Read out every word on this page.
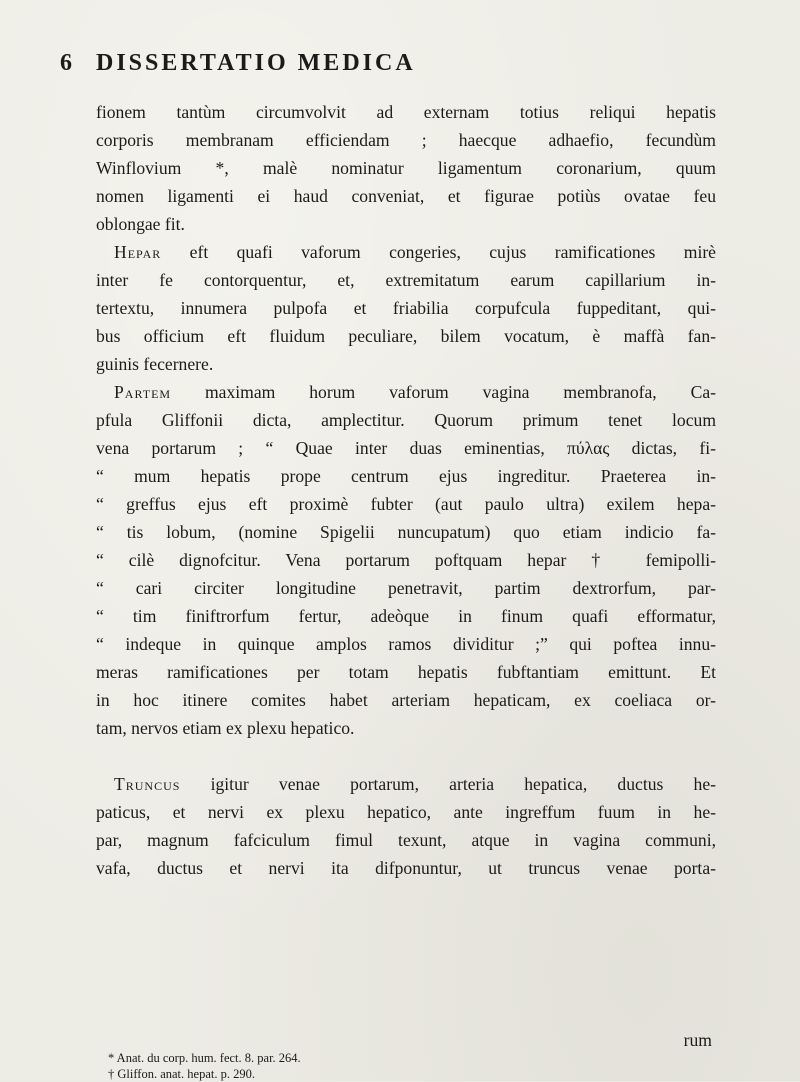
6 DISSERTATIO MEDICA
fionem tantùm circumvolvit ad externam totius reliqui hepatis
corporis membranam efficiendam ; haecque adhaefio, fecundùm
Winflovium *, malè nominatur ligamentum coronarium, quum
nomen ligamenti ei haud conveniat, et figurae potiùs ovatae feu
oblongae fit.
Hepar eft quafi vaforum congeries, cujus ramificationes mirè
inter fe contorquentur, et, extremitatum earum capillarium in-
tertextu, innumera pulpofa et friabilia corpufcula fuppeditant, qui-
bus officium eft fluidum peculiare, bilem vocatum, è maffà fan-
guinis fecernere.
Partem maximam horum vaforum vagina membranofa, Ca-
pfula Gliffonii dicta, amplectitur. Quorum primum tenet locum
vena portarum ; “ Quae inter duas eminentias, πύλας dictas, fi-
“ mum hepatis prope centrum ejus ingreditur. Praeterea in-
“ greffus ejus eft proximè fubter (aut paulo ultra) exilem hepa-
“ tis lobum, (nomine Spigelii nuncupatum) quo etiam indicio fa-
“ cilè dignofcitur. Vena portarum poftquam hepar † femipolli-
“ cari circiter longitudine penetravit, partim dextrorfum, par-
“ tim finiftrorfum fertur, adeòque in finum quafi efformatur,
“ indeque in quinque amplos ramos dividitur ;” qui poftea innu-
meras ramificationes per totam hepatis fubftantiam emittunt. Et
in hoc itinere comites habet arteriam hepaticam, ex coeliaca or-
tam, nervos etiam ex plexu hepatico.
Truncus igitur venae portarum, arteria hepatica, ductus he-
paticus, et nervi ex plexu hepatico, ante ingreffum fuum in he-
par, magnum fafciculum fimul texunt, atque in vagina communi,
vafa, ductus et nervi ita difponuntur, ut truncus venae porta-
rum
* Anat. du corp. hum. fect. 8. par. 264.
† Gliffon. anat. hepat. p. 290.
